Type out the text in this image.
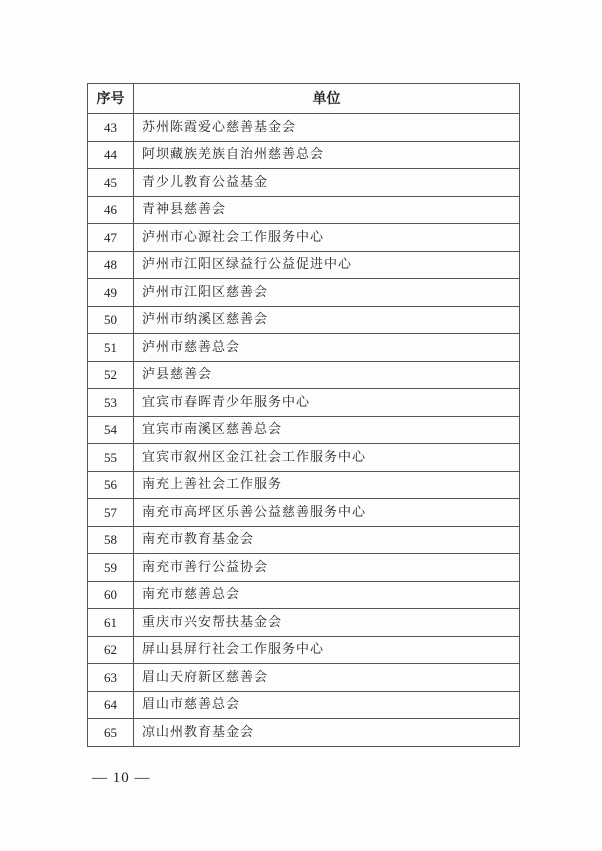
序号	单位
43	苏州陈霞爱心慈善基金会
44	阿坝藏族羌族自治州慈善总会
45	青少儿教育公益基金
46	青神县慈善会
47	泸州市心源社会工作服务中心
48	泸州市江阳区绿益行公益促进中心
49	泸州市江阳区慈善会
50	泸州市纳溪区慈善会
51	泸州市慈善总会
52	泸县慈善会
53	宜宾市春晖青少年服务中心
54	宜宾市南溪区慈善总会
55	宜宾市叙州区金江社会工作服务中心
56	南充上善社会工作服务
57	南充市高坪区乐善公益慈善服务中心
58	南充市教育基金会
59	南充市善行公益协会
60	南充市慈善总会
61	重庆市兴安帮扶基金会
62	屏山县屏行社会工作服务中心
63	眉山天府新区慈善会
64	眉山市慈善总会
65	凉山州教育基金会
— 10 —
